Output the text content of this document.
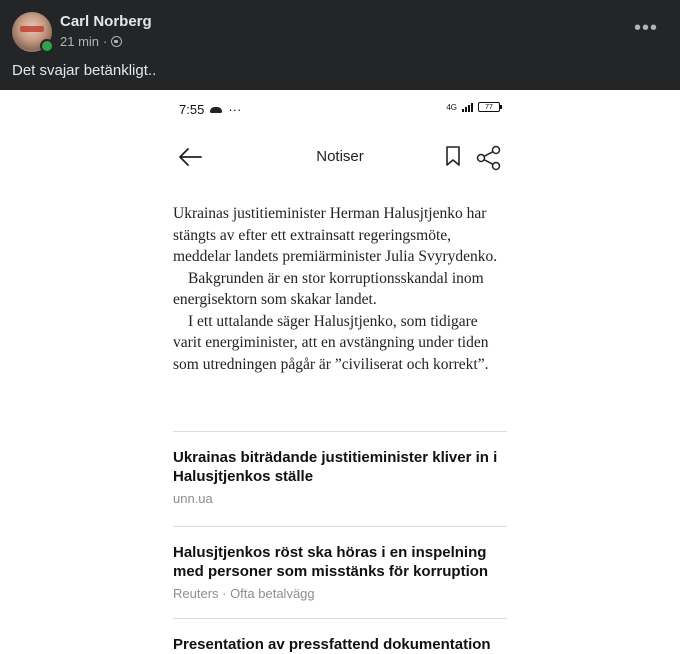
Carl Norberg
21 min ·
•••
Det svajar betänkligt..
7:55 ···	4G	77
Notiser

Ukrainas justitieminister Herman Halusjtjenko har stängts av efter ett extrainsatt regeringsmöte, meddelar landets premiärminister Julia Svyrydenko.

Bakgrunden är en stor korruptionsskandal inom energisektorn som skakar landet.

I ett uttalande säger Halusjtjenko, som tidigare varit energiminister, att en avstängning under tiden som utredningen pågår är ”civiliserat och korrekt”.

Ukrainas biträdande justitieminister kliver in i Halusjtjenkos ställe
unn.ua
Halusjtjenkos röst ska höras i en inspelning med personer som misstänks för korruption
Reuters · Ofta betalvägg
Presentation av pressfattend dokumentation
